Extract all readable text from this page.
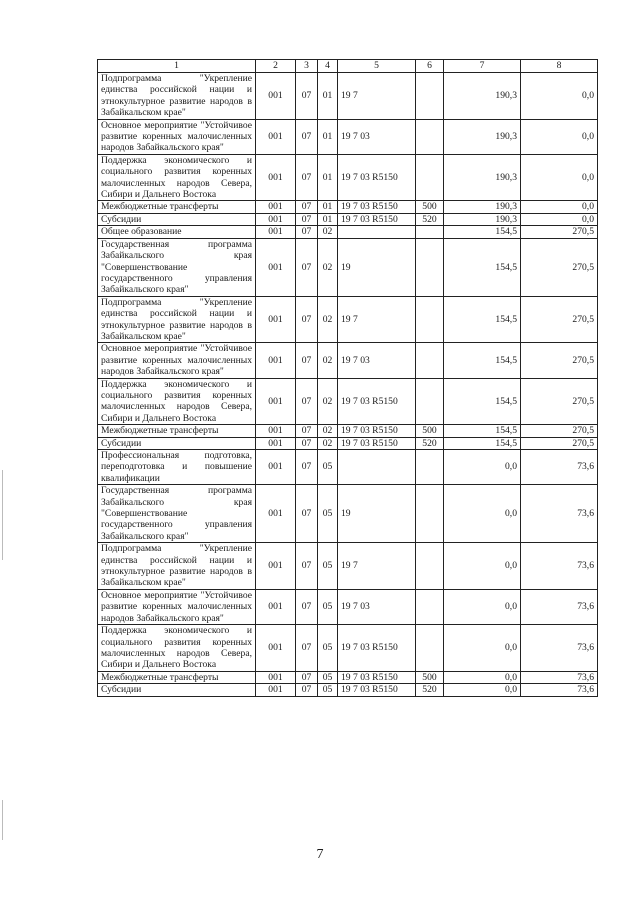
1	2	3	4	5	6	7	8
Подпрограмма "Укрепление единства российской нации и этнокультурное развитие народов в Забайкальском крае"	001	07	01	19 7		190,3	0,0
Основное мероприятие "Устойчивое развитие коренных малочисленных народов Забайкальского края"	001	07	01	19 7 03		190,3	0,0
Поддержка экономического и социального развития коренных малочисленных народов Севера, Сибири и Дальнего Востока	001	07	01	19 7 03 R5150		190,3	0,0
Межбюджетные трансферты	001	07	01	19 7 03 R5150	500	190,3	0,0
Субсидии	001	07	01	19 7 03 R5150	520	190,3	0,0
Общее образование	001	07	02			154,5	270,5
Государственная программа Забайкальского края "Совершенствование государственного управления Забайкальского края"	001	07	02	19		154,5	270,5
Подпрограмма "Укрепление единства российской нации и этнокультурное развитие народов в Забайкальском крае"	001	07	02	19 7		154,5	270,5
Основное мероприятие "Устойчивое развитие коренных малочисленных народов Забайкальского края"	001	07	02	19 7 03		154,5	270,5
Поддержка экономического и социального развития коренных малочисленных народов Севера, Сибири и Дальнего Востока	001	07	02	19 7 03 R5150		154,5	270,5
Межбюджетные трансферты	001	07	02	19 7 03 R5150	500	154,5	270,5
Субсидии	001	07	02	19 7 03 R5150	520	154,5	270,5
Профессиональная подготовка, переподготовка и повышение квалификации	001	07	05			0,0	73,6
Государственная программа Забайкальского края "Совершенствование государственного управления Забайкальского края"	001	07	05	19		0,0	73,6
Подпрограмма "Укрепление единства российской нации и этнокультурное развитие народов в Забайкальском крае"	001	07	05	19 7		0,0	73,6
Основное мероприятие "Устойчивое развитие коренных малочисленных народов Забайкальского края"	001	07	05	19 7 03		0,0	73,6
Поддержка экономического и социального развития коренных малочисленных народов Севера, Сибири и Дальнего Востока	001	07	05	19 7 03 R5150		0,0	73,6
Межбюджетные трансферты	001	07	05	19 7 03 R5150	500	0,0	73,6
Субсидии	001	07	05	19 7 03 R5150	520	0,0	73,6
7
